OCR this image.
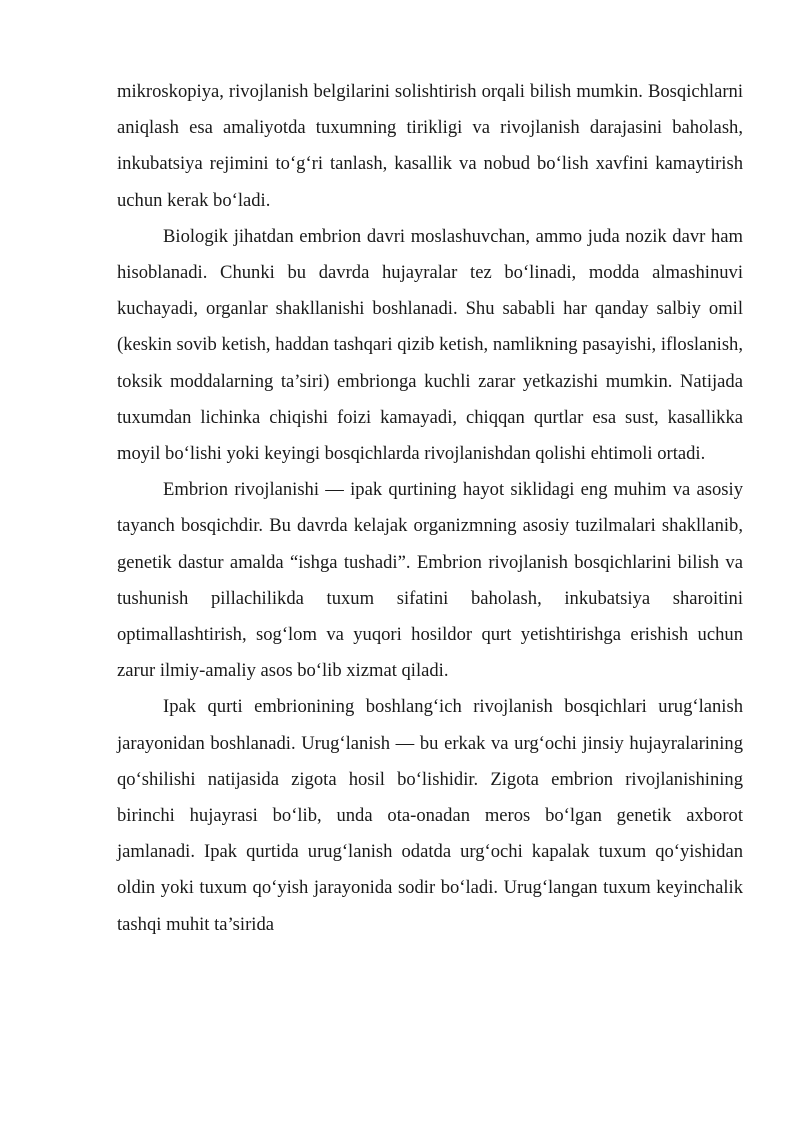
mikroskopiya, rivojlanish belgilarini solishtirish orqali bilish mumkin. Bosqichlarni aniqlash esa amaliyotda tuxumning tirikligi va rivojlanish darajasini baholash, inkubatsiya rejimini to‘g‘ri tanlash, kasallik va nobud bo‘lish xavfini kamaytirish uchun kerak bo‘ladi.

Biologik jihatdan embrion davri moslashuvchan, ammo juda nozik davr ham hisoblanadi. Chunki bu davrda hujayralar tez bo‘linadi, modda almashinuvi kuchayadi, organlar shakllanishi boshlanadi. Shu sababli har qanday salbiy omil (keskin sovib ketish, haddan tashqari qizib ketish, namlikning pasayishi, ifloslanish, toksik moddalarning ta’siri) embrionga kuchli zarar yetkazishi mumkin. Natijada tuxumdan lichinka chiqishi foizi kamayadi, chiqqan qurtlar esa sust, kasallikka moyil bo‘lishi yoki keyingi bosqichlarda rivojlanishdan qolishi ehtimoli ortadi.

Embrion rivojlanishi — ipak qurtining hayot siklidagi eng muhim va asosiy tayanch bosqichdir. Bu davrda kelajak organizmning asosiy tuzilmalari shakllanib, genetik dastur amalda “ishga tushadi”. Embrion rivojlanish bosqichlarini bilish va tushunish pillachilikda tuxum sifatini baholash, inkubatsiya sharoitini optimallashtirish, sog‘lom va yuqori hosildor qurt yetishtirishga erishish uchun zarur ilmiy-amaliy asos bo‘lib xizmat qiladi.

Ipak qurti embrionining boshlang‘ich rivojlanish bosqichlari urug‘lanish jarayonidan boshlanadi. Urug‘lanish — bu erkak va urg‘ochi jinsiy hujayralarining qo‘shilishi natijasida zigota hosil bo‘lishidir. Zigota embrion rivojlanishining birinchi hujayrasi bo‘lib, unda ota-onadan meros bo‘lgan genetik axborot jamlanadi. Ipak qurtida urug‘lanish odatda urg‘ochi kapalak tuxum qo‘yishidan oldin yoki tuxum qo‘yish jarayonida sodir bo‘ladi. Urug‘langan tuxum keyinchalik tashqi muhit ta’sirida
